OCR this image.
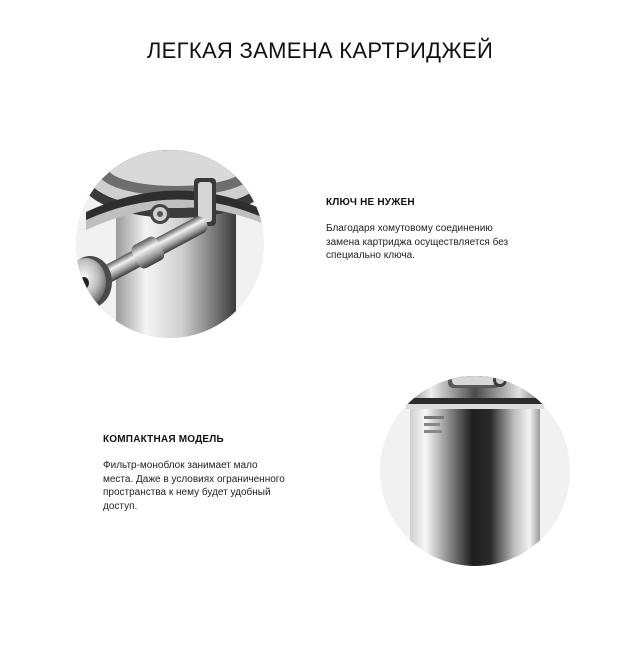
ЛЕГКАЯ ЗАМЕНА КАРТРИДЖЕЙ
КЛЮЧ НЕ НУЖЕН
Благодаря хомутовому соединению
замена картриджа осуществляется без
специально ключа.
КОМПАКТНАЯ МОДЕЛЬ
Фильтр-моноблок занимает мало
места. Даже в условиях ограниченного
пространства к нему будет удобный
доступ.
